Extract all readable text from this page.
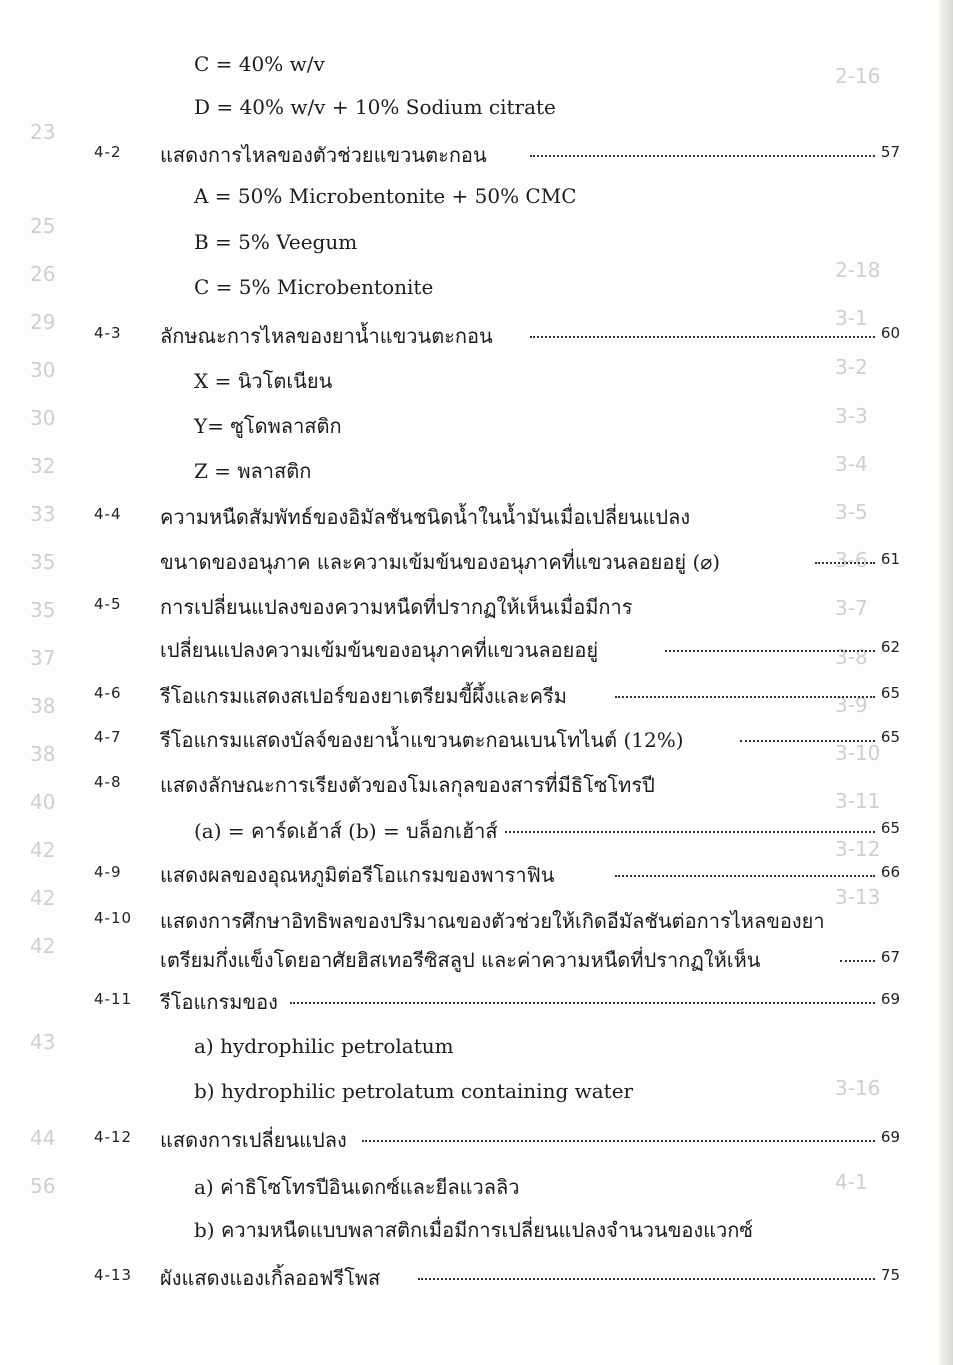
2-16
2-18
3-1
3-2
3-3
3-4
3-5
3-6
3-7
3-8
3-9
3-10
3-11
3-12
3-13
3-16
4-1
23
25
26
29
30
30
32
33
35
35
37
38
38
40
42
42
42
43
44
56
C = 40% w/v
D = 40% w/v + 10% Sodium citrate
4-2 แสดงการไหลของตัวช่วยแขวนตะกอน	57
A = 50% Microbentonite + 50% CMC
B = 5% Veegum
C = 5% Microbentonite
4-3 ลักษณะการไหลของยาน้ำแขวนตะกอน	60
X = นิวโตเนียน
Y= ซูโดพลาสติก
Z = พลาสติก
4-4 ความหนืดสัมพัทธ์ของอิมัลชันชนิดน้ำในน้ำมันเมื่อเปลี่ยนแปลง
ขนาดของอนุภาค และความเข้มข้นของอนุภาคที่แขวนลอยอยู่ (⌀)	61
4-5 การเปลี่ยนแปลงของความหนืดที่ปรากฏให้เห็นเมื่อมีการ
เปลี่ยนแปลงความเข้มข้นของอนุภาคที่แขวนลอยอยู่	62
4-6 รีโอแกรมแสดงสเปอร์ของยาเตรียมขี้ผึ้งและครีม	65
4-7 รีโอแกรมแสดงบัลจ์ของยาน้ำแขวนตะกอนเบนโทไนต์ (12%)	65
4-8 แสดงลักษณะการเรียงตัวของโมเลกุลของสารที่มีธิโซโทรปี
(a) = คาร์ดเฮ้าส์ (b) = บล็อกเฮ้าส์	65
4-9 แสดงผลของอุณหภูมิต่อรีโอแกรมของพาราฟิน	66
4-10 แสดงการศึกษาอิทธิพลของปริมาณของตัวช่วยให้เกิดอีมัลชันต่อการไหลของยา
เตรียมกึ่งแข็งโดยอาศัยฮิสเทอรีซิสลูป และค่าความหนืดที่ปรากฏให้เห็น	67
4-11 รีโอแกรมของ	69
a) hydrophilic petrolatum
b) hydrophilic petrolatum containing water
4-12 แสดงการเปลี่ยนแปลง	69
a) ค่าธิโซโทรปีอินเดกซ์และยีลแวลลิว
b) ความหนืดแบบพลาสติกเมื่อมีการเปลี่ยนแปลงจำนวนของแวกซ์
4-13 ผังแสดงแองเกิ้ลออฟรีโพส	75
